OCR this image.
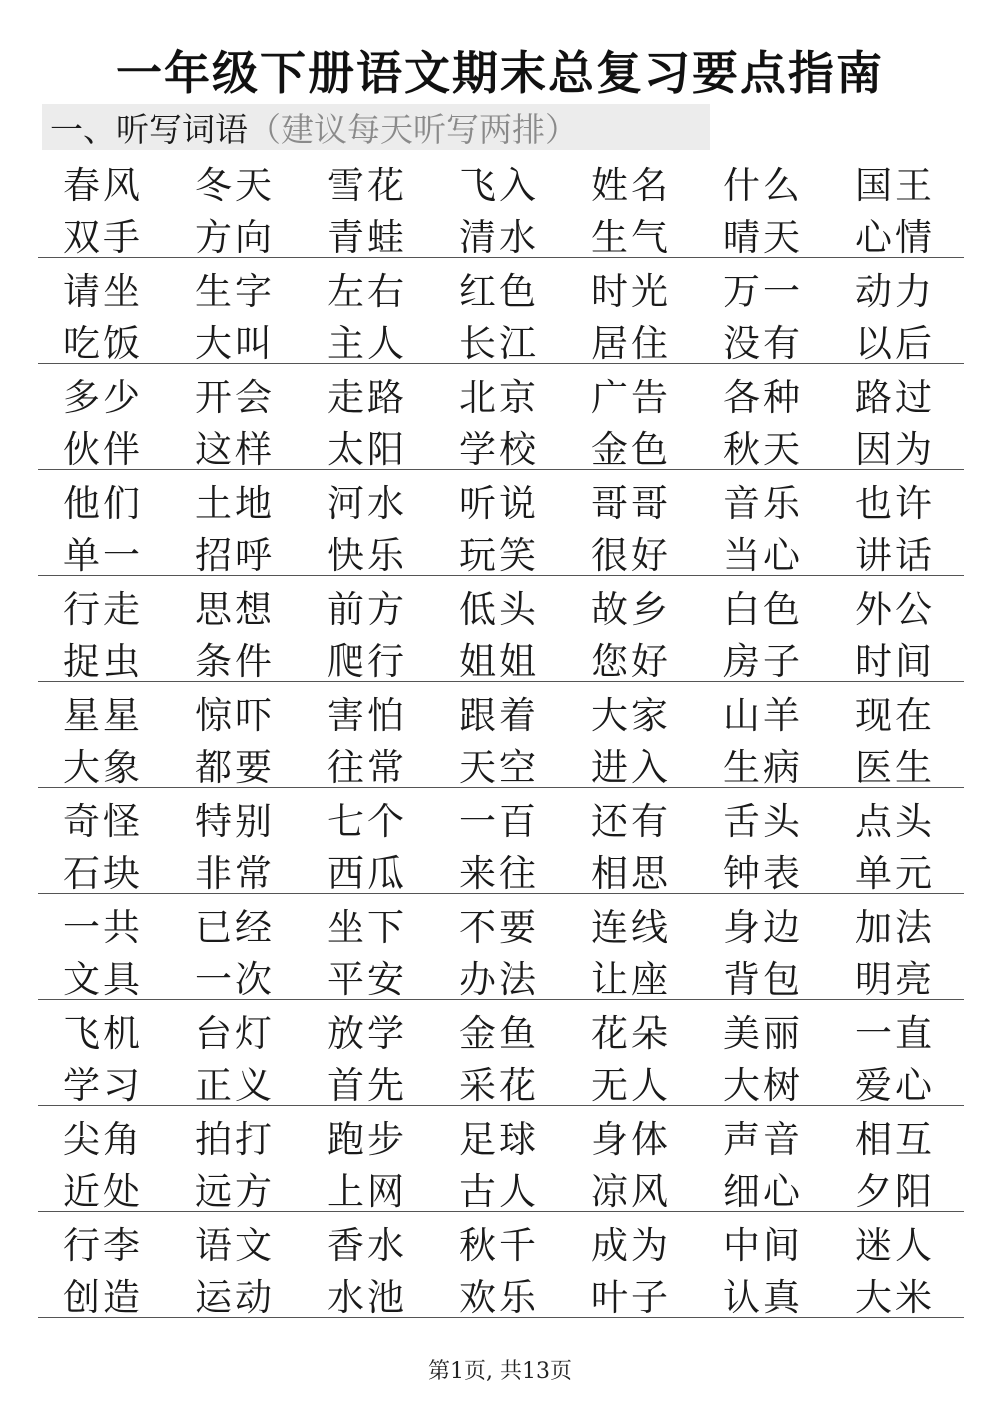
一年级下册语文期末总复习要点指南
一、听写词语 （建议每天听写两排）
春风	冬天	雪花	飞入	姓名	什么	国王
双手	方向	青蛙	清水	生气	晴天	心情
请坐	生字	左右	红色	时光	万一	动力
吃饭	大叫	主人	长江	居住	没有	以后
多少	开会	走路	北京	广告	各种	路过
伙伴	这样	太阳	学校	金色	秋天	因为
他们	土地	河水	听说	哥哥	音乐	也许
单一	招呼	快乐	玩笑	很好	当心	讲话
行走	思想	前方	低头	故乡	白色	外公
捉虫	条件	爬行	姐姐	您好	房子	时间
星星	惊吓	害怕	跟着	大家	山羊	现在
大象	都要	往常	天空	进入	生病	医生
奇怪	特别	七个	一百	还有	舌头	点头
石块	非常	西瓜	来往	相思	钟表	单元
一共	已经	坐下	不要	连线	身边	加法
文具	一次	平安	办法	让座	背包	明亮
飞机	台灯	放学	金鱼	花朵	美丽	一直
学习	正义	首先	采花	无人	大树	爱心
尖角	拍打	跑步	足球	身体	声音	相互
近处	远方	上网	古人	凉风	细心	夕阳
行李	语文	香水	秋千	成为	中间	迷人
创造	运动	水池	欢乐	叶子	认真	大米
第1页, 共13页
